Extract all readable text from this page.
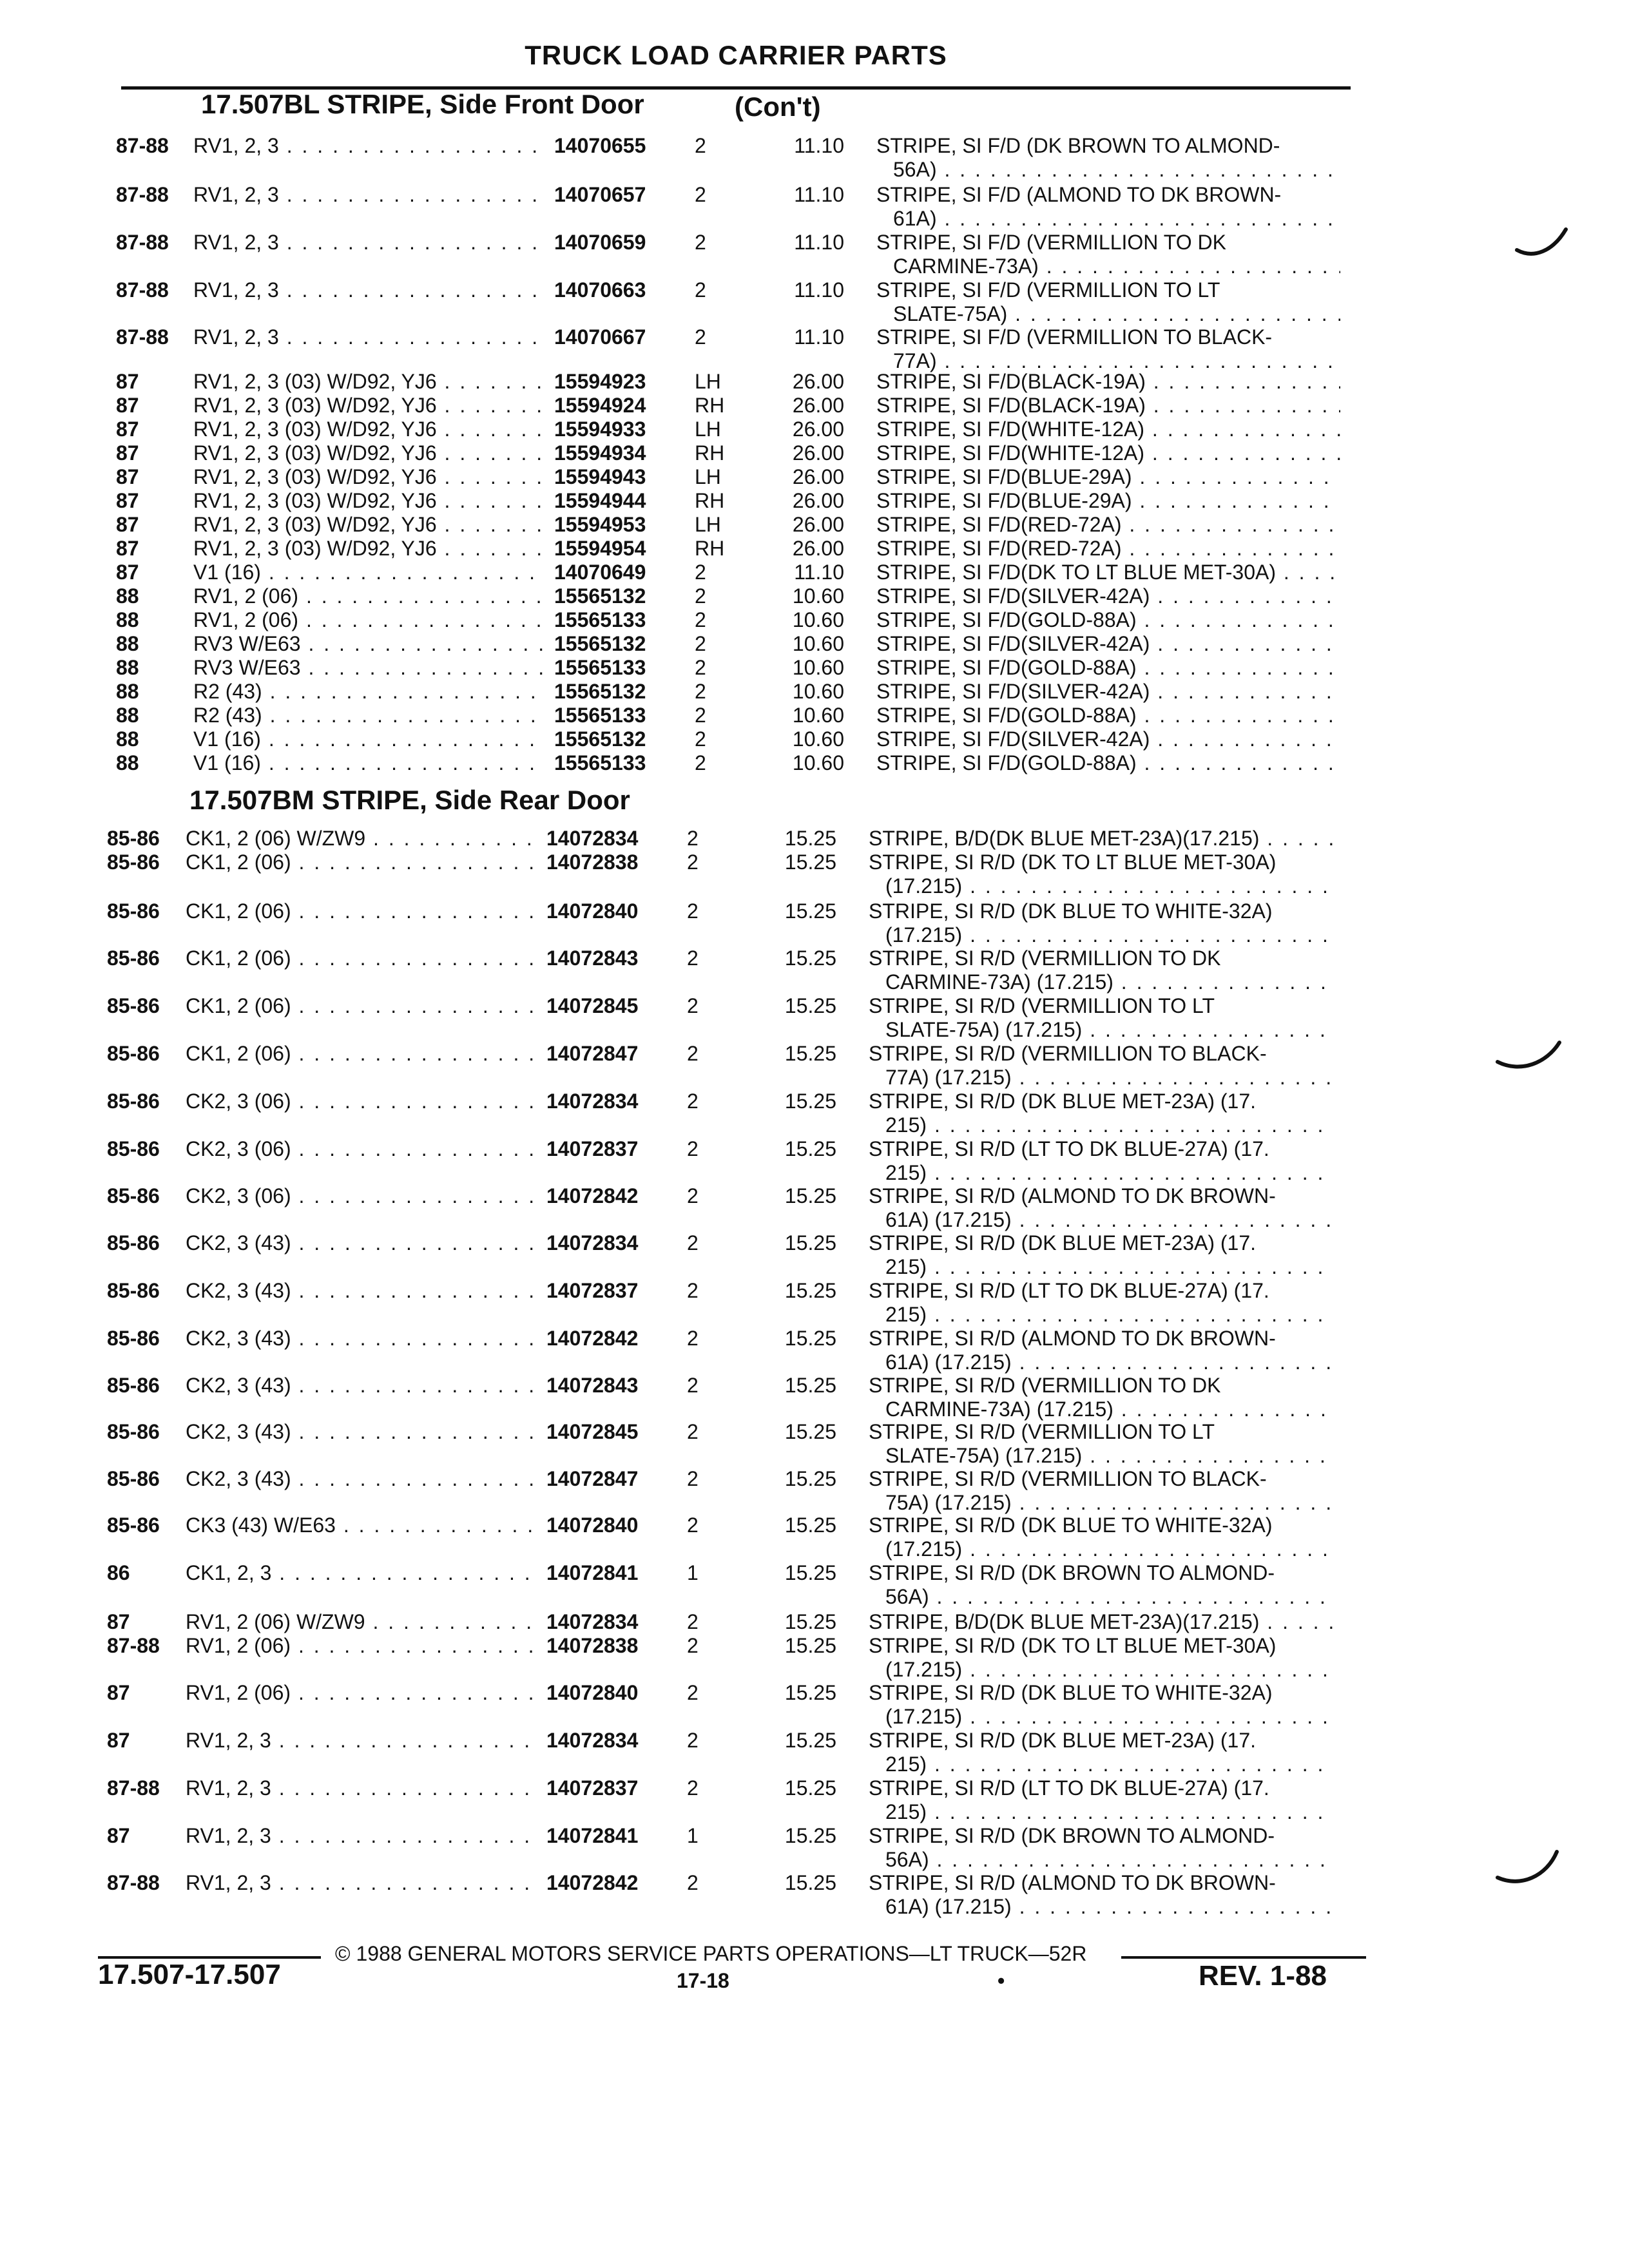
TRUCK LOAD CARRIER PARTS
17.507BL STRIPE, Side Front Door	(Con't)
17.507BM STRIPE, Side Rear Door
87-88 RV1, 2, 3 . . .	14070655 2	11.10 STRIPE, SI F/D (DK BROWN TO ALMOND-
56A) . . .
87-88 RV1, 2, 3 . . .	14070657 2	11.10 STRIPE, SI F/D (ALMOND TO DK BROWN-
61A) . . .
87-88 RV1, 2, 3 . . .	14070659 2	11.10 STRIPE, SI F/D (VERMILLION TO DK
CARMINE-73A) . . .
87-88 RV1, 2, 3 . . .	14070663 2	11.10 STRIPE, SI F/D (VERMILLION TO LT
SLATE-75A) . . .
87-88 RV1, 2, 3 . . .	14070667 2	11.10 STRIPE, SI F/D (VERMILLION TO BLACK-
77A) . . .
87	RV1, 2, 3 (03) W/D92, YJ6 . . .	15594923 LH	26.00 STRIPE, SI F/D(BLACK-19A) . . .
87	RV1, 2, 3 (03) W/D92, YJ6 . . .	15594924 RH	26.00 STRIPE, SI F/D(BLACK-19A) . . .
87	RV1, 2, 3 (03) W/D92, YJ6 . . .	15594933 LH	26.00 STRIPE, SI F/D(WHITE-12A) . . .
87	RV1, 2, 3 (03) W/D92, YJ6 . . .	15594934 RH	26.00 STRIPE, SI F/D(WHITE-12A) . . .
87	RV1, 2, 3 (03) W/D92, YJ6 . . .	15594943 LH	26.00 STRIPE, SI F/D(BLUE-29A) . . .
87	RV1, 2, 3 (03) W/D92, YJ6 . . .	15594944 RH	26.00 STRIPE, SI F/D(BLUE-29A) . . .
87	RV1, 2, 3 (03) W/D92, YJ6 . . .	15594953 LH	26.00 STRIPE, SI F/D(RED-72A) . . .
87	RV1, 2, 3 (03) W/D92, YJ6 . . .	15594954 RH	26.00 STRIPE, SI F/D(RED-72A) . . .
87	V1 (16) . . .	14070649 2	11.10 STRIPE, SI F/D(DK TO LT BLUE MET-30A) . . .
88	RV1, 2 (06) . . .	15565132 2	10.60 STRIPE, SI F/D(SILVER-42A) . . .
88	RV1, 2 (06) . . .	15565133 2	10.60 STRIPE, SI F/D(GOLD-88A) . . .
88	RV3 W/E63 . . .	15565132 2	10.60 STRIPE, SI F/D(SILVER-42A) . . .
88	RV3 W/E63 . . .	15565133 2	10.60 STRIPE, SI F/D(GOLD-88A) . . .
88	R2 (43) . . .	15565132 2	10.60 STRIPE, SI F/D(SILVER-42A) . . .
88	R2 (43) . . .	15565133 2	10.60 STRIPE, SI F/D(GOLD-88A) . . .
88	V1 (16) . . .	15565132 2	10.60 STRIPE, SI F/D(SILVER-42A) . . .
88	V1 (16) . . .	15565133 2	10.60 STRIPE, SI F/D(GOLD-88A) . . .
85-86 CK1, 2 (06) W/ZW9 . . .	14072834 2	15.25 STRIPE, B/D(DK BLUE MET-23A)(17.215) . . .
85-86 CK1, 2 (06) . . .	14072838 2	15.25 STRIPE, SI R/D (DK TO LT BLUE MET-30A)
(17.215) . . .
85-86 CK1, 2 (06) . . .	14072840 2	15.25 STRIPE, SI R/D (DK BLUE TO WHITE-32A)
(17.215) . . .
85-86 CK1, 2 (06) . . .	14072843 2	15.25 STRIPE, SI R/D (VERMILLION TO DK
CARMINE-73A) (17.215) . . .
85-86 CK1, 2 (06) . . .	14072845 2	15.25 STRIPE, SI R/D (VERMILLION TO LT
SLATE-75A) (17.215) . . .
85-86 CK1, 2 (06) . . .	14072847 2	15.25 STRIPE, SI R/D (VERMILLION TO BLACK-
77A) (17.215) . . .
85-86 CK2, 3 (06) . . .	14072834 2	15.25 STRIPE, SI R/D (DK BLUE MET-23A) (17.
215) . . .
85-86 CK2, 3 (06) . . .	14072837 2	15.25 STRIPE, SI R/D (LT TO DK BLUE-27A) (17.
215) . . .
85-86 CK2, 3 (06) . . .	14072842 2	15.25 STRIPE, SI R/D (ALMOND TO DK BROWN-
61A) (17.215) . . .
85-86 CK2, 3 (43) . . .	14072834 2	15.25 STRIPE, SI R/D (DK BLUE MET-23A) (17.
215) . . .
85-86 CK2, 3 (43) . . .	14072837 2	15.25 STRIPE, SI R/D (LT TO DK BLUE-27A) (17.
215) . . .
85-86 CK2, 3 (43) . . .	14072842 2	15.25 STRIPE, SI R/D (ALMOND TO DK BROWN-
61A) (17.215) . . .
85-86 CK2, 3 (43) . . .	14072843 2	15.25 STRIPE, SI R/D (VERMILLION TO DK
CARMINE-73A) (17.215) . . .
85-86 CK2, 3 (43) . . .	14072845 2	15.25 STRIPE, SI R/D (VERMILLION TO LT
SLATE-75A) (17.215) . . .
85-86 CK2, 3 (43) . . .	14072847 2	15.25 STRIPE, SI R/D (VERMILLION TO BLACK-
75A) (17.215) . . .
85-86 CK3 (43) W/E63 . . .	14072840 2	15.25 STRIPE, SI R/D (DK BLUE TO WHITE-32A)
(17.215) . . .
86	CK1, 2, 3 . . .	14072841 1	15.25 STRIPE, SI R/D (DK BROWN TO ALMOND-
56A) . . .
87	RV1, 2 (06) W/ZW9 . . .	14072834 2	15.25 STRIPE, B/D(DK BLUE MET-23A)(17.215) . . .
87-88 RV1, 2 (06) . . .	14072838 2	15.25 STRIPE, SI R/D (DK TO LT BLUE MET-30A)
(17.215) . . .
87	RV1, 2 (06) . . .	14072840 2	15.25 STRIPE, SI R/D (DK BLUE TO WHITE-32A)
(17.215) . . .
87	RV1, 2, 3 . . .	14072834 2	15.25 STRIPE, SI R/D (DK BLUE MET-23A) (17.
215) . . .
87-88 RV1, 2, 3 . . .	14072837 2	15.25 STRIPE, SI R/D (LT TO DK BLUE-27A) (17.
215) . . .
87	RV1, 2, 3 . . .	14072841 1	15.25 STRIPE, SI R/D (DK BROWN TO ALMOND-
56A) . . .
87-88 RV1, 2, 3 . . .	14072842 2	15.25 STRIPE, SI R/D (ALMOND TO DK BROWN-
61A) (17.215) . . .
© 1988 GENERAL MOTORS SERVICE PARTS OPERATIONS—LT TRUCK—52R
17.507-17.507	17-18	•	REV. 1-88
